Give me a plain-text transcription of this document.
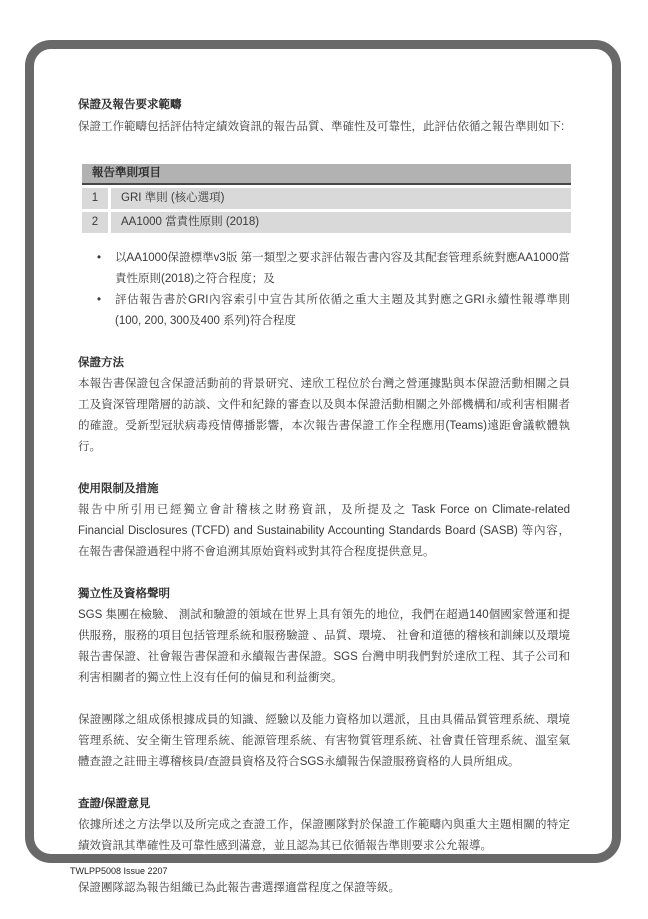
保證及報告要求範疇

保證工作範疇包括評估特定績效資訊的報告品質、準確性及可靠性，此評估依循之報告準則如下:

報告準則項目
1	GRI 準則 (核心選項)
2	AA1000 當責性原則 (2018)
• 以AA1000保證標準v3版 第一類型之要求評估報告書內容及其配套管理系統對應AA1000當責性原則(2018)之符合程度；及
• 評估報告書於GRI內容索引中宣告其所依循之重大主題及其對應之GRI永續性報導準則(100, 200, 300及400 系列)符合程度
保證方法

本報告書保證包含保證活動前的背景研究、達欣工程位於台灣之營運據點與本保證活動相關之員工及資深管理階層的訪談、文件和紀錄的審查以及與本保證活動相關之外部機構和/或利害相關者的確證。受新型冠狀病毒疫情傳播影響，本次報告書保證工作全程應用(Teams)遠距會議軟體執行。

使用限制及措施

報告中所引用已經獨立會計稽核之財務資訊，及所提及之 Task Force on Climate-related Financial Disclosures (TCFD) and Sustainability Accounting Standards Board (SASB) 等內容，在報告書保證過程中將不會追溯其原始資料或對其符合程度提供意見。

獨立性及資格聲明

SGS 集團在檢驗、 測試和驗證的領域在世界上具有領先的地位，我們在超過140個國家營運和提供服務，服務的項目包括管理系統和服務驗證 、品質、環境、 社會和道德的稽核和訓練以及環境報告書保證、社會報告書保證和永續報告書保證。SGS 台灣申明我們對於達欣工程、其子公司和利害相關者的獨立性上沒有任何的偏見和利益衝突。

保證團隊之組成係根據成員的知識、經驗以及能力資格加以選派，且由具備品質管理系統、環境管理系統、安全衛生管理系統、能源管理系統、有害物質管理系統、社會責任管理系統、溫室氣體查證之註冊主導稽核員/查證員資格及符合SGS永續報告保證服務資格的人員所組成。

查證/保證意見

依據所述之方法學以及所完成之查證工作，保證團隊對於保證工作範疇內與重大主題相關的特定績效資訊其準確性及可靠性感到滿意，並且認為其已依循報告準則要求公允報導。

保證團隊認為報告組織已為此報告書選擇適當程度之保證等級。

TWLPP5008 Issue 2207
